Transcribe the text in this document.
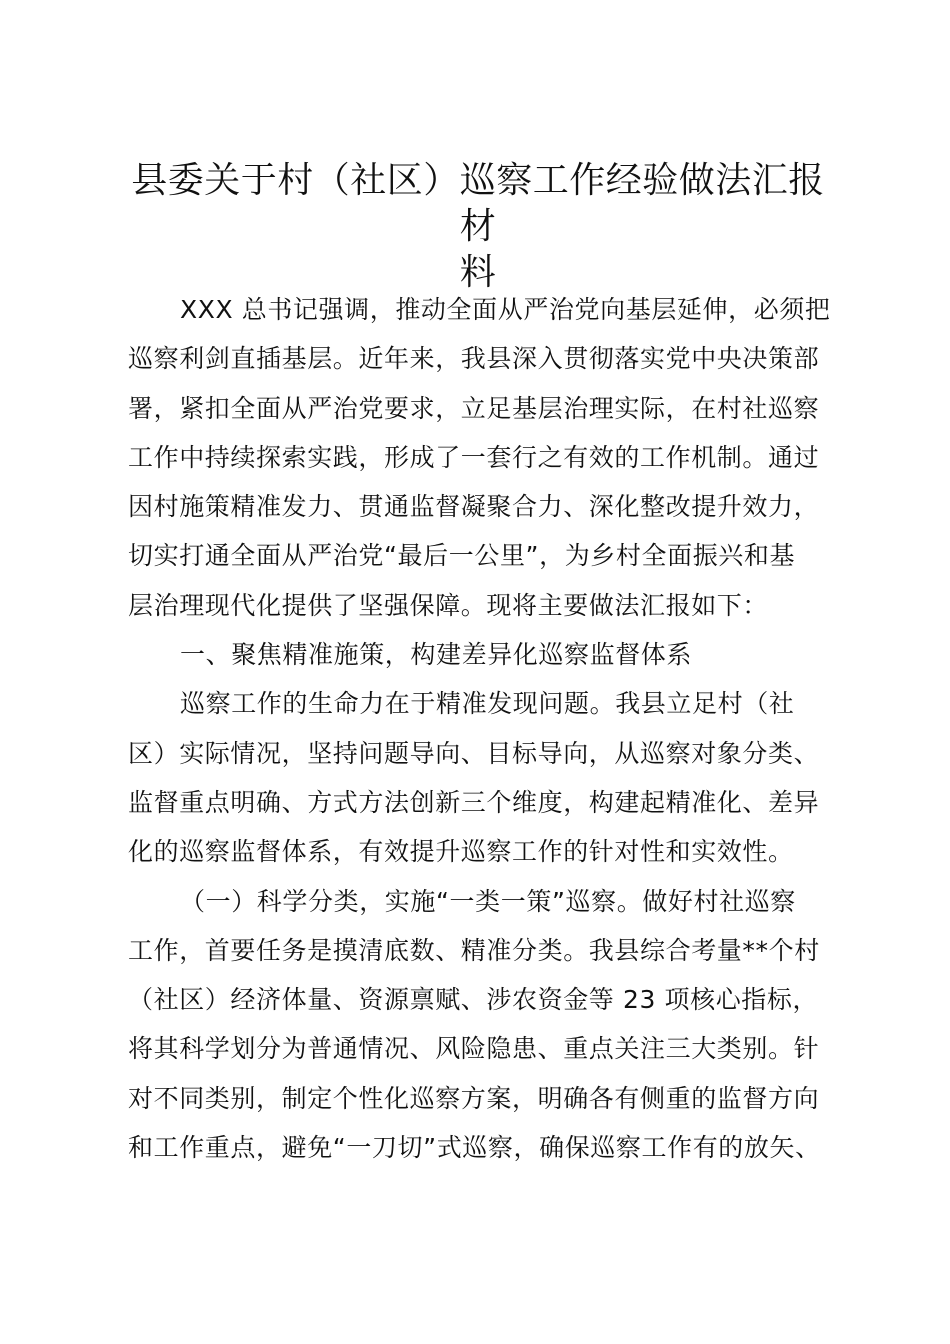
县委关于村（社区）巡察工作经验做法汇报材
料
XXX 总书记强调，推动全面从严治党向基层延伸，必须把
巡察利剑直插基层。近年来，我县深入贯彻落实党中央决策部
署，紧扣全面从严治党要求，立足基层治理实际，在村社巡察
工作中持续探索实践，形成了一套行之有效的工作机制。通过
因村施策精准发力、贯通监督凝聚合力、深化整改提升效力，
切实打通全面从严治党“最后一公里”，为乡村全面振兴和基
层治理现代化提供了坚强保障。现将主要做法汇报如下：
一、聚焦精准施策，构建差异化巡察监督体系
巡察工作的生命力在于精准发现问题。我县立足村（社
区）实际情况，坚持问题导向、目标导向，从巡察对象分类、
监督重点明确、方式方法创新三个维度，构建起精准化、差异
化的巡察监督体系，有效提升巡察工作的针对性和实效性。
（一）科学分类，实施“一类一策”巡察。做好村社巡察
工作，首要任务是摸清底数、精准分类。我县综合考量**个村
（社区）经济体量、资源禀赋、涉农资金等 23 项核心指标，
将其科学划分为普通情况、风险隐患、重点关注三大类别。针
对不同类别，制定个性化巡察方案，明确各有侧重的监督方向
和工作重点，避免“一刀切”式巡察，确保巡察工作有的放矢、
